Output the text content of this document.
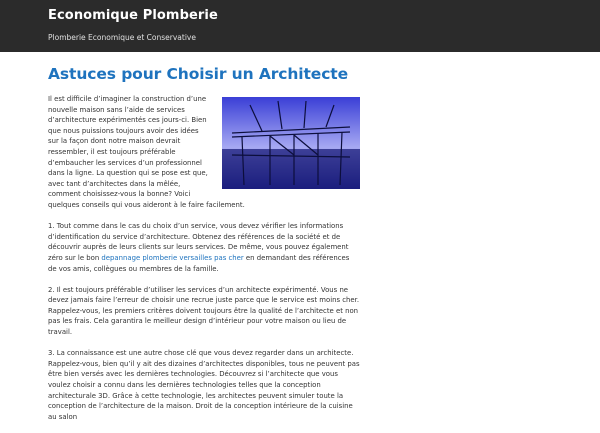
Economique Plomberie
Plomberie Economique et Conservative
Astuces pour Choisir un Architecte

Il est difficile d’imaginer la construction d’une nouvelle maison sans l’aide de services d’architecture expérimentés ces jours-ci. Bien que nous puissions toujours avoir des idées sur la façon dont notre maison devrait ressembler, il est toujours préférable d’embaucher les services d’un professionnel dans la ligne. La question qui se pose est que, avec tant d’architectes dans la mêlée, comment choisissez-vous la bonne? Voici quelques conseils qui vous aideront à le faire facilement.

1. Tout comme dans le cas du choix d’un service, vous devez vérifier les informations d’identification du service d’architecture. Obtenez des références de la société et de découvrir auprès de leurs clients sur leurs services. De même, vous pouvez également zéro sur le bon depannage plomberie versailles pas cher en demandant des références de vos amis, collègues ou membres de la famille.

2. Il est toujours préférable d’utiliser les services d’un architecte expérimenté. Vous ne devez jamais faire l’erreur de choisir une recrue juste parce que le service est moins cher. Rappelez-vous, les premiers critères doivent toujours être la qualité de l’architecte et non pas les frais. Cela garantira le meilleur design d’intérieur pour votre maison ou lieu de travail.

3. La connaissance est une autre chose clé que vous devez regarder dans un architecte. Rappelez-vous, bien qu’il y ait des dizaines d’architectes disponibles, tous ne peuvent pas être bien versés avec les dernières technologies. Découvrez si l’architecte que vous voulez choisir a connu dans les dernières technologies telles que la conception architecturale 3D. Grâce à cette technologie, les architectes peuvent simuler toute la conception de l’architecture de la maison. Droit de la conception intérieure de la cuisine au salon
